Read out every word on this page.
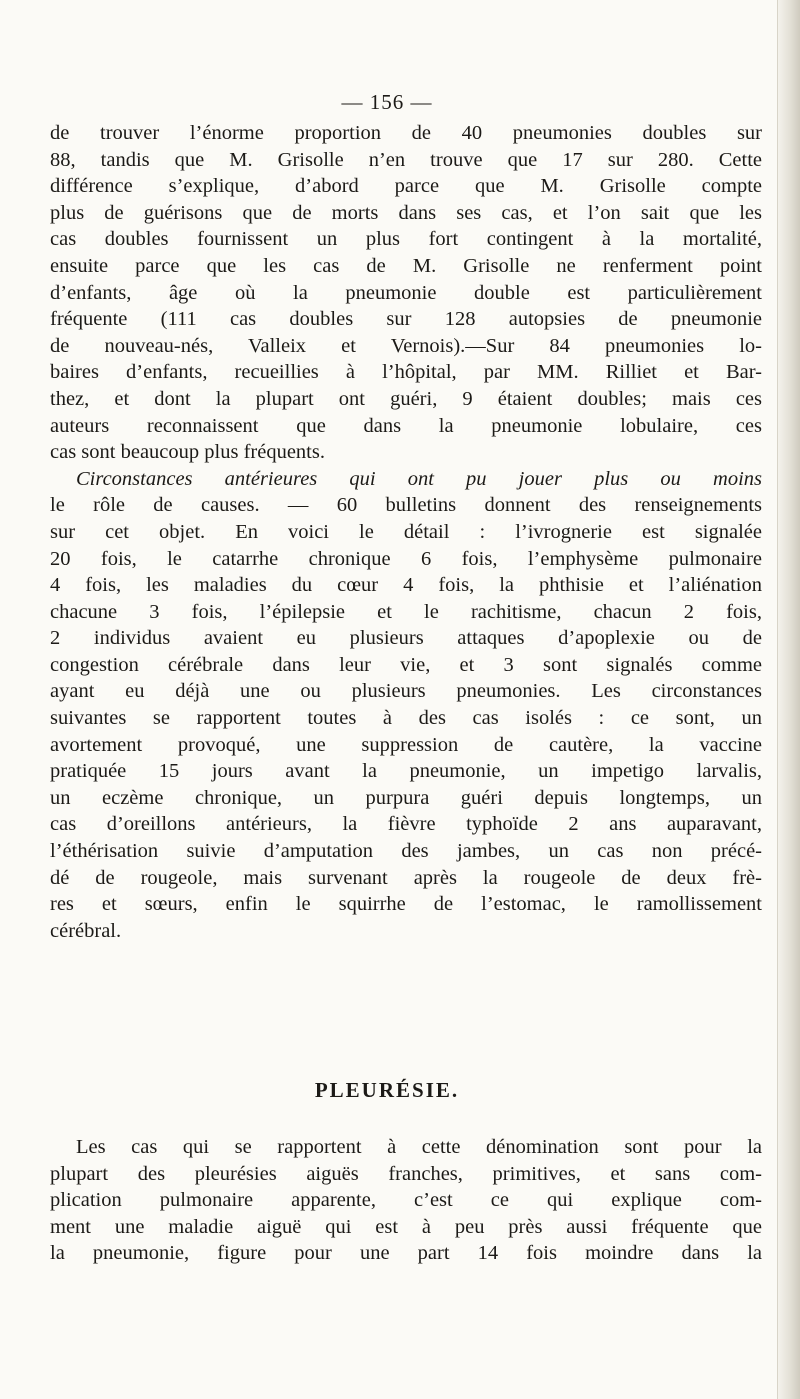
— 156 —
de trouver l’énorme proportion de 40 pneumonies doubles sur
88, tandis que M. Grisolle n’en trouve que 17 sur 280. Cette
différence s’explique, d’abord parce que M. Grisolle compte
plus de guérisons que de morts dans ses cas, et l’on sait que les
cas doubles fournissent un plus fort contingent à la mortalité,
ensuite parce que les cas de M. Grisolle ne renferment point
d’enfants, âge où la pneumonie double est particulièrement
fréquente (111 cas doubles sur 128 autopsies de pneumonie
de nouveau-nés, Valleix et Vernois).—Sur 84 pneumonies lo-
baires d’enfants, recueillies à l’hôpital, par MM. Rilliet et Bar-
thez, et dont la plupart ont guéri, 9 étaient doubles; mais ces
auteurs reconnaissent que dans la pneumonie lobulaire, ces
cas sont beaucoup plus fréquents.
Circonstances antérieures qui ont pu jouer plus ou moins
le rôle de causes. — 60 bulletins donnent des renseignements
sur cet objet. En voici le détail : l’ivrognerie est signalée
20 fois, le catarrhe chronique 6 fois, l’emphysème pulmonaire
4 fois, les maladies du cœur 4 fois, la phthisie et l’aliénation
chacune 3 fois, l’épilepsie et le rachitisme, chacun 2 fois,
2 individus avaient eu plusieurs attaques d’apoplexie ou de
congestion cérébrale dans leur vie, et 3 sont signalés comme
ayant eu déjà une ou plusieurs pneumonies. Les circonstances
suivantes se rapportent toutes à des cas isolés : ce sont, un
avortement provoqué, une suppression de cautère, la vaccine
pratiquée 15 jours avant la pneumonie, un impetigo larvalis,
un eczème chronique, un purpura guéri depuis longtemps, un
cas d’oreillons antérieurs, la fièvre typhoïde 2 ans auparavant,
l’éthérisation suivie d’amputation des jambes, un cas non précé-
dé de rougeole, mais survenant après la rougeole de deux frè-
res et sœurs, enfin le squirrhe de l’estomac, le ramollissement
cérébral.
PLEURÉSIE.
Les cas qui se rapportent à cette dénomination sont pour la
plupart des pleurésies aiguës franches, primitives, et sans com-
plication pulmonaire apparente, c’est ce qui explique com-
ment une maladie aiguë qui est à peu près aussi fréquente que
la pneumonie, figure pour une part 14 fois moindre dans la
